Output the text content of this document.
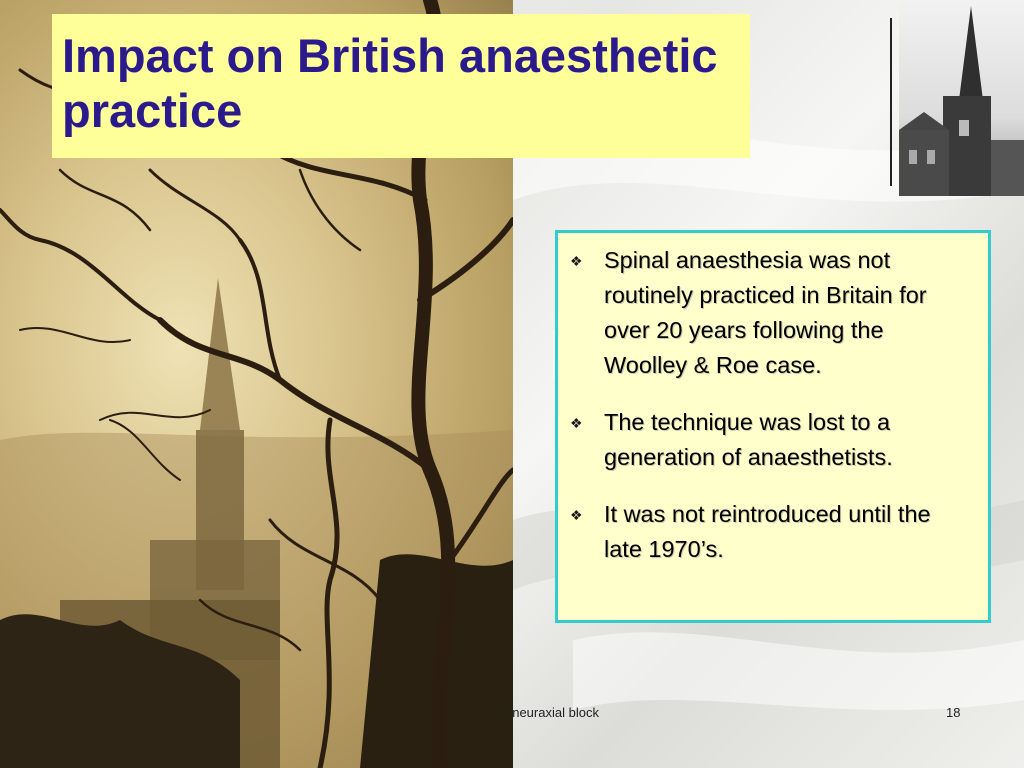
Impact on British anaesthetic practice
❖ Spinal anaesthesia was not routinely practiced in Britain for over 20 years following the Woolley & Roe case.
❖ The technique was lost to a generation of anaesthetists.
❖ It was not reintroduced until the late 1970’s.
f neuraxial block	18
